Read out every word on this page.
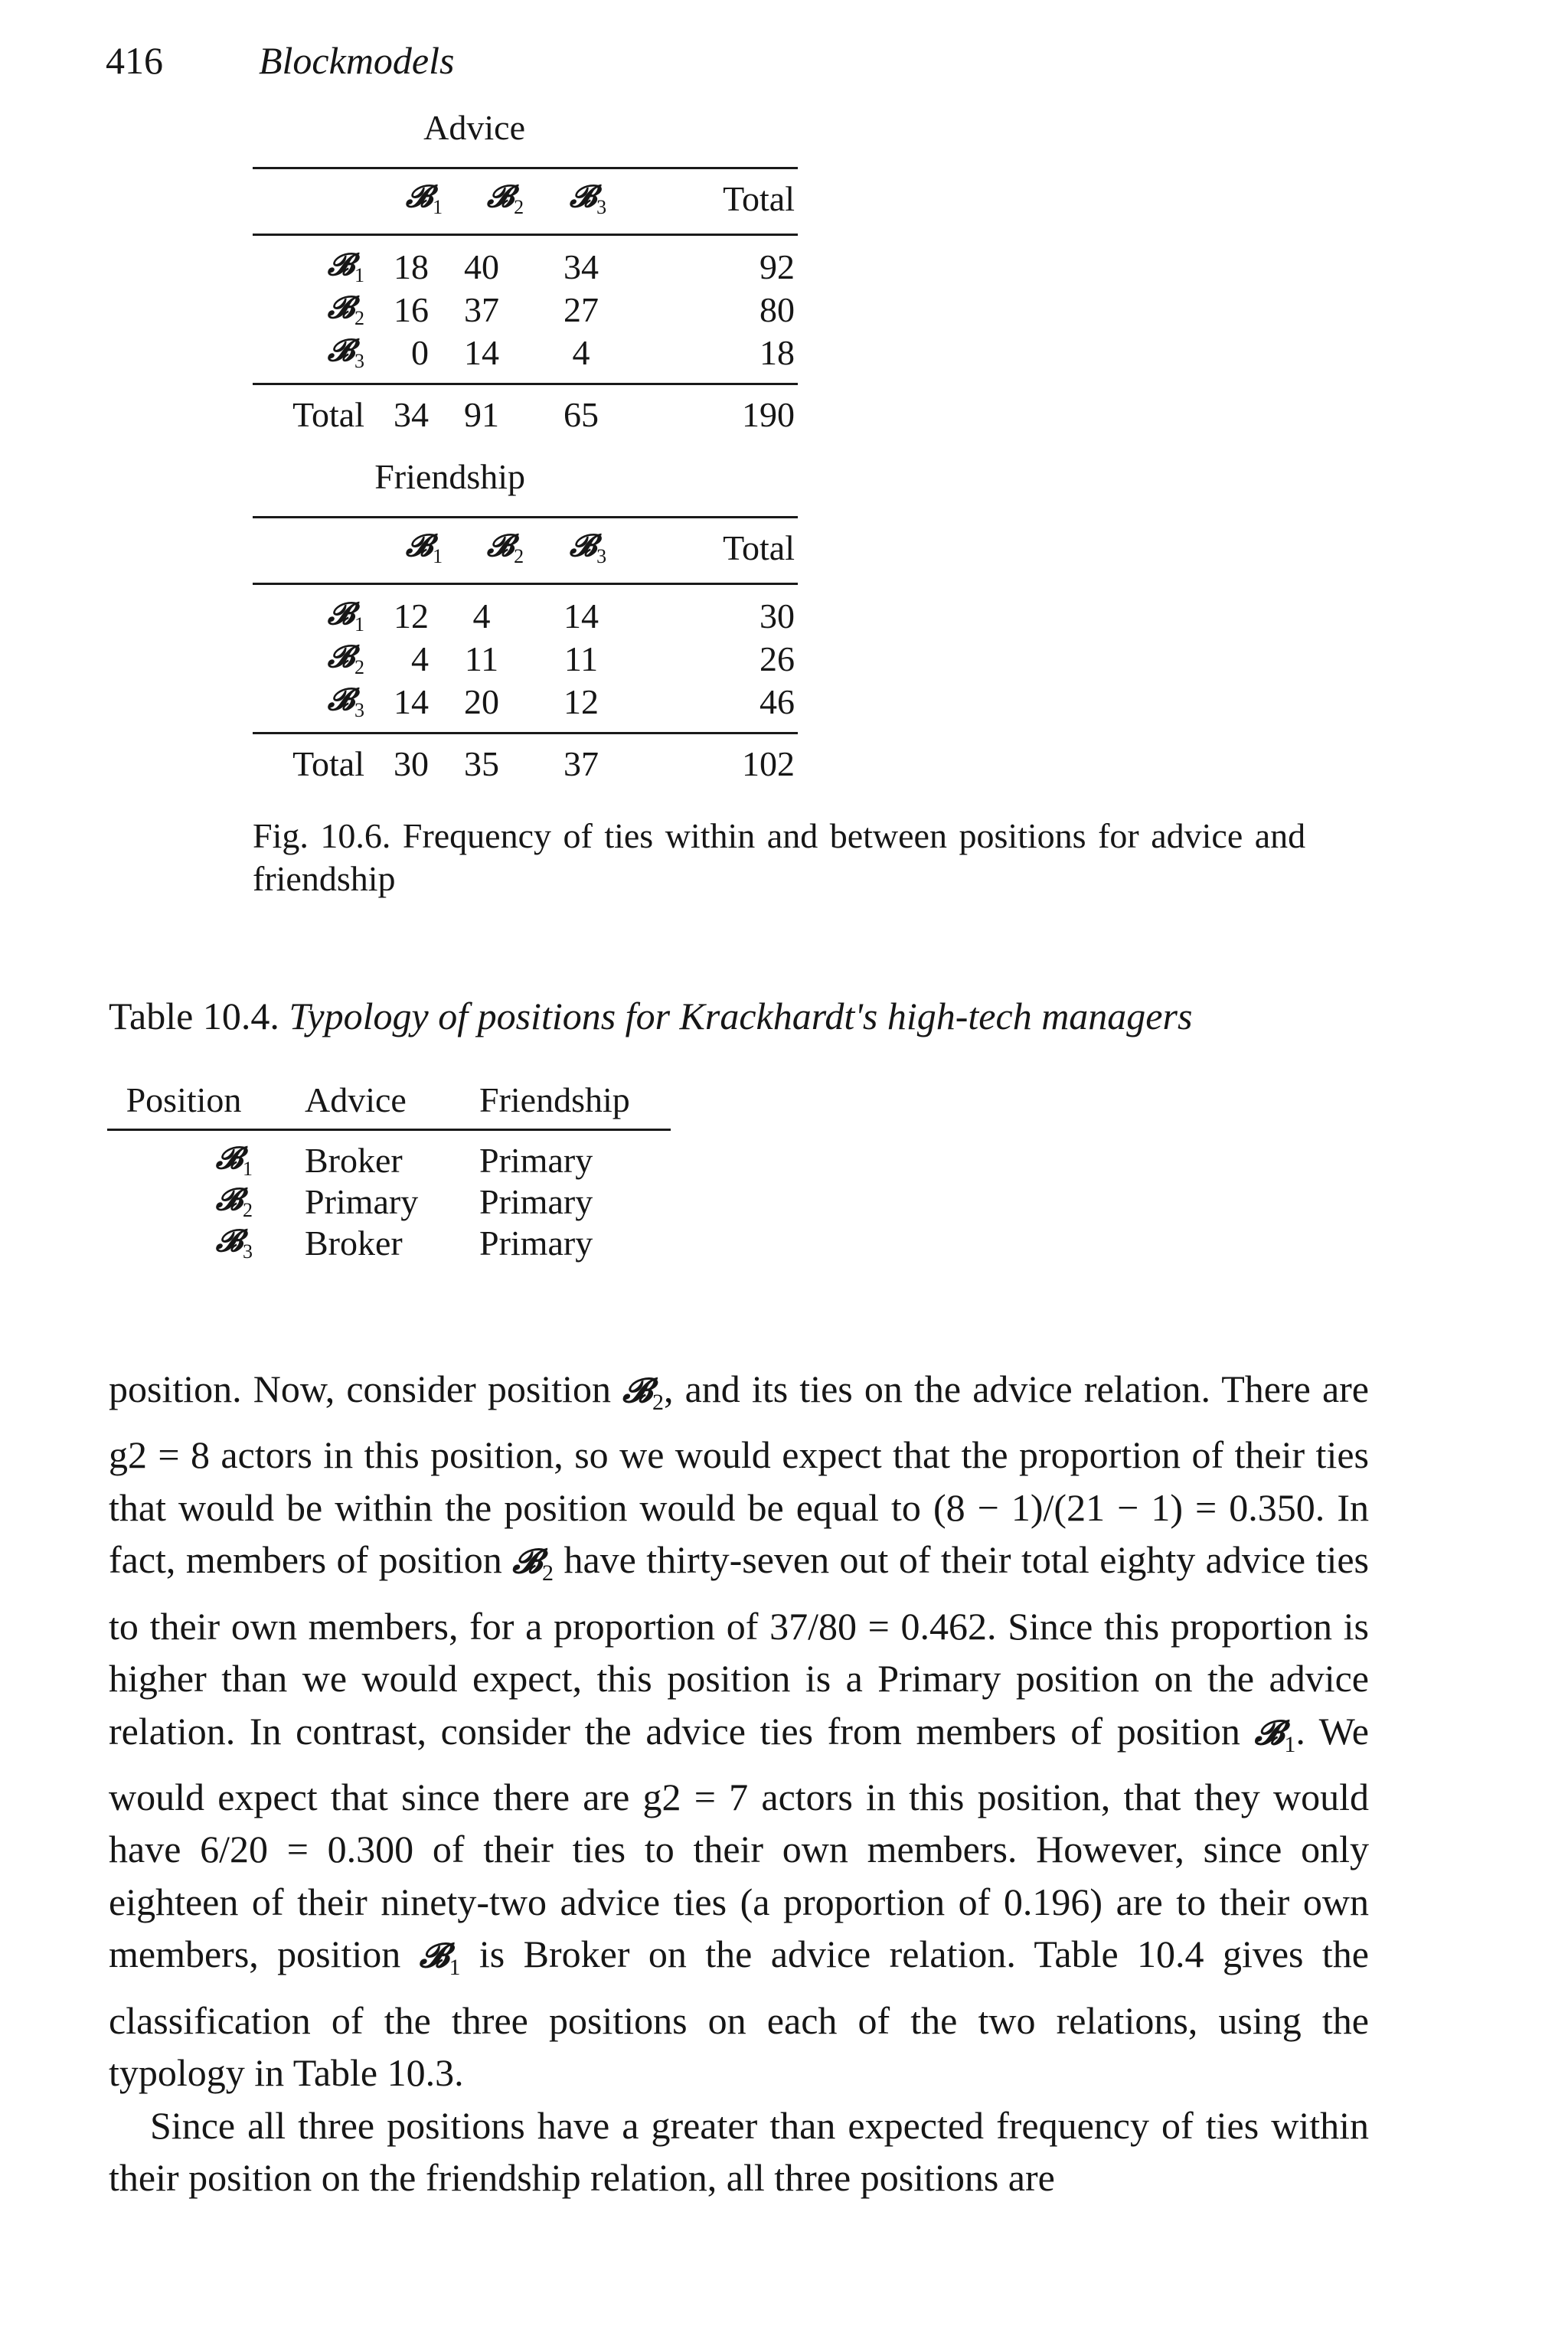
416	Blockmodels
Advice
𝓑$_1$	𝓑$_2$	𝓑$_3$	Total
𝓑$_1$ 18 40 34	92
𝓑$_2$ 16 37 27	80
𝓑$_3$	0 14	4	18
Total 34 91 65	190
Friendship
𝓑$_1$	𝓑$_2$	𝓑$_3$	Total
𝓑$_1$ 12	4	14	30
𝓑$_2$	4 11 11	26
𝓑$_3$ 14 20 12	46
Total 30 35 37	102
Fig. 10.6. Frequency of ties within and between positions for advice and friendship
Table 10.4. Typology of positions for Krackhardt's high-tech managers
Position	Advice Friendship
𝓑$_1$ Broker Primary
𝓑$_2$ Primary Primary
𝓑$_3$ Broker Primary

position. Now, consider position 𝓑$_2$, and its ties on the advice relation. There are g2 = 8 actors in this position, so we would expect that the proportion of their ties that would be within the position would be equal to (8 − 1)/(21 − 1) = 0.350. In fact, members of position 𝓑$_2$ have thirty-seven out of their total eighty advice ties to their own members, for a proportion of 37/80 = 0.462. Since this proportion is higher than we would expect, this position is a Primary position on the advice relation. In contrast, consider the advice ties from members of position 𝓑$_1$. We would expect that since there are g2 = 7 actors in this position, that they would have 6/20 = 0.300 of their ties to their own members. However, since only eighteen of their ninety-two advice ties (a proportion of 0.196) are to their own members, position 𝓑$_1$ is Broker on the advice relation. Table 10.4 gives the classification of the three positions on each of the two relations, using the typology in Table 10.3.

Since all three positions have a greater than expected frequency of ties within their position on the friendship relation, all three positions are
